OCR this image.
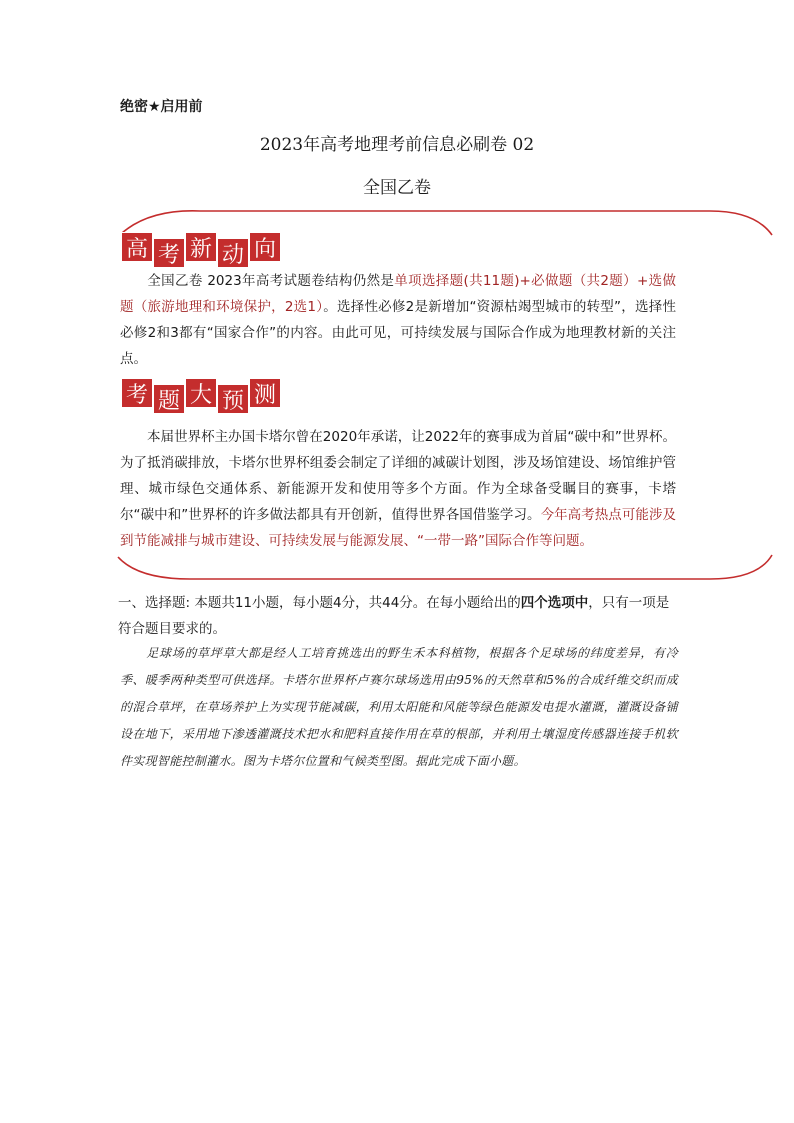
绝密★启用前
2023年高考地理考前信息必刷卷 02
全国乙卷
高 考 新 动 向
全国乙卷 2023年高考试题卷结构仍然是单项选择题(共11题)+必做题（共2题）+选做题（旅游地理和环境保护，2选1）。选择性必修2是新增加“资源枯竭型城市的转型”，选择性必修2和3都有“国家合作”的内容。由此可见，可持续发展与国际合作成为地理教材新的关注点。
考 题 大 预 测
本届世界杯主办国卡塔尔曾在2020年承诺，让2022年的赛事成为首届“碳中和”世界杯。为了抵消碳排放，卡塔尔世界杯组委会制定了详细的减碳计划图，涉及场馆建设、场馆维护管理、城市绿色交通体系、新能源开发和使用等多个方面。作为全球备受瞩目的赛事，卡塔尔“碳中和”世界杯的许多做法都具有开创新，值得世界各国借鉴学习。今年高考热点可能涉及到节能减排与城市建设、可持续发展与能源发展、“一带一路”国际合作等问题。
一、选择题: 本题共11小题，每小题4分，共44分。在每小题给出的四个选项中，只有一项是符合题目要求的。
足球场的草坪草大都是经人工培育挑选出的野生禾本科植物，根据各个足球场的纬度差异，有冷季、暖季两种类型可供选择。卡塔尔世界杯卢赛尔球场选用由95%的天然草和5%的合成纤维交织而成的混合草坪，在草场养护上为实现节能减碳，利用太阳能和风能等绿色能源发电提水灌溉，灌溉设备铺设在地下，采用地下渗透灌溉技术把水和肥料直接作用在草的根部，并利用土壤湿度传感器连接手机软件实现智能控制灌水。图为卡塔尔位置和气候类型图。据此完成下面小题。
